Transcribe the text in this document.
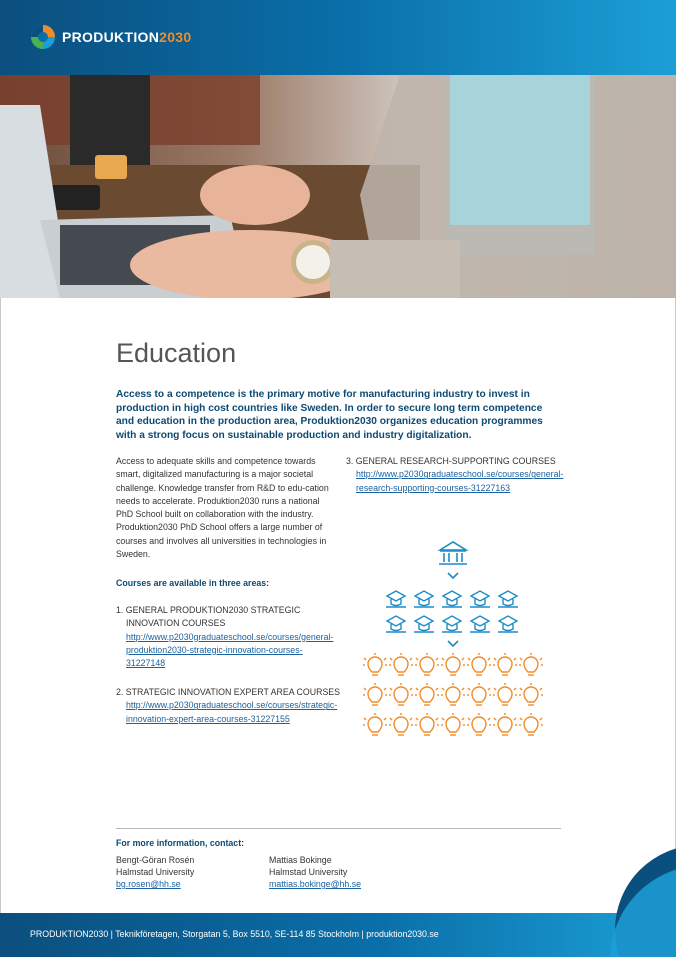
PRODUKTION2030
Education

Access to a competence is the primary motive for manufacturing industry to invest in production in high cost countries like Sweden. In order to secure long term competence and education in the production area, Produktion2030 organizes education programmes with a strong focus on sustainable production and industry digitalization.

Access to adequate skills and competence towards smart, digitalized manufacturing is a major societal challenge. Knowledge transfer from R&D to edu-cation needs to accelerate. Produktion2030 runs a national PhD School built on collaboration with the industry. Produktion2030 PhD School offers a large number of courses and involves all universities in technologies in Sweden.

Courses are available in three areas:
1. GENERAL PRODUKTION2030 STRATEGIC INNOVATION COURSES
http://www.p2030graduateschool.se/courses/general-produktion2030-strategic-innovation-courses-31227148
2. STRATEGIC INNOVATION EXPERT AREA COURSES
http://www.p2030graduateschool.se/courses/strategic-innovation-expert-area-courses-31227155
3. GENERAL RESEARCH-SUPPORTING COURSES
http://www.p2030graduateschool.se/courses/general-research-supporting-courses-31227163
For more information, contact:
Bengt-Göran Rosén
Halmstad University
bg.rosen@hh.se
Mattias Bokinge
Halmstad University
mattias.bokinge@hh.se
PRODUKTION2030 | Teknikföretagen, Storgatan 5, Box 5510, SE-114 85 Stockholm | produktion2030.se
